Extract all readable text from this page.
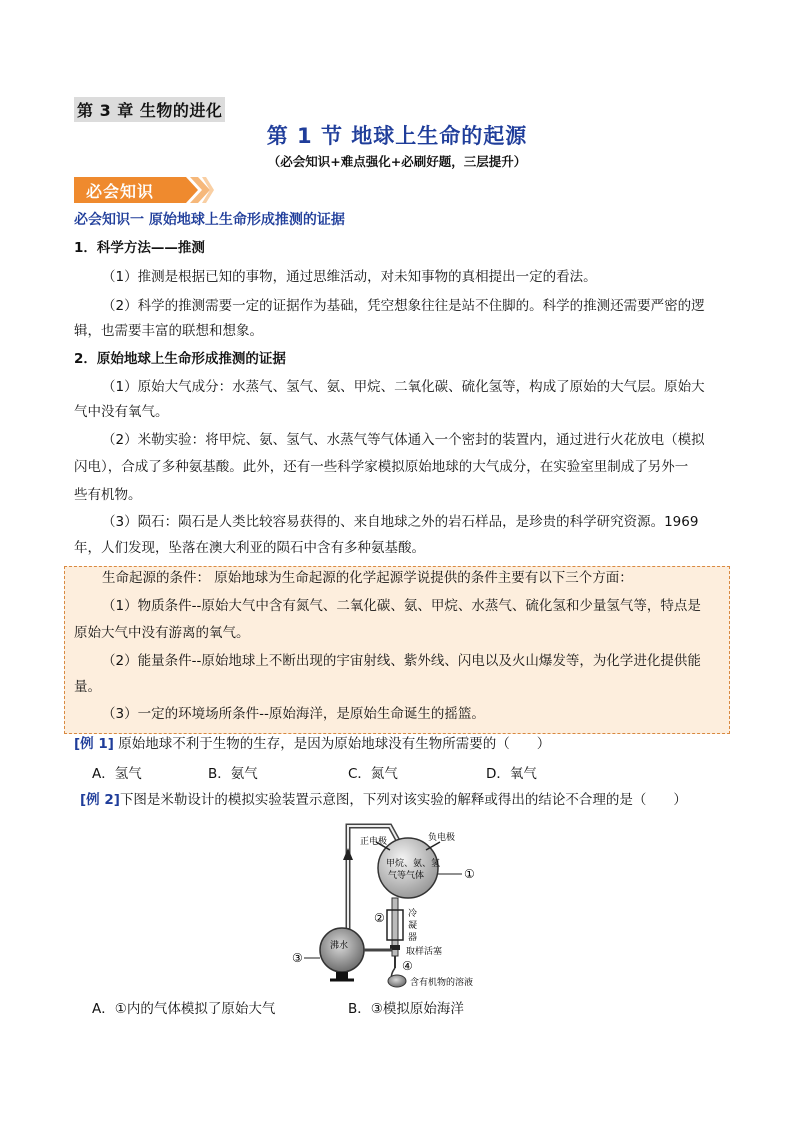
第 3 章 生物的进化
第 1 节 地球上生命的起源
（必会知识+难点强化+必刷好题，三层提升）
必会知识
必会知识一 原始地球上生命形成推测的证据
1．科学方法——推测
（1）推测是根据已知的事物，通过思维活动，对未知事物的真相提出一定的看法。
（2）科学的推测需要一定的证据作为基础，凭空想象往往是站不住脚的。科学的推测还需要严密的逻
辑，也需要丰富的联想和想象。
2．原始地球上生命形成推测的证据
（1）原始大气成分：水蒸气、氢气、氨、甲烷、二氧化碳、硫化氢等，构成了原始的大气层。原始大
气中没有氧气。
（2）米勒实验：将甲烷、氨、氢气、水蒸气等气体通入一个密封的装置内，通过进行火花放电（模拟
闪电），合成了多种氨基酸。此外，还有一些科学家模拟原始地球的大气成分，在实验室里制成了另外一
些有机物。
（3）陨石：陨石是人类比较容易获得的、来自地球之外的岩石样品，是珍贵的科学研究资源。1969
年，人们发现，坠落在澳大利亚的陨石中含有多种氨基酸。
生命起源的条件： 原始地球为生命起源的化学起源学说提供的条件主要有以下三个方面：
（1）物质条件--原始大气中含有氮气、二氧化碳、氨、甲烷、水蒸气、硫化氢和少量氢气等，特点是
原始大气中没有游离的氧气。
（2）能量条件--原始地球上不断出现的宇宙射线、紫外线、闪电以及火山爆发等，为化学进化提供能
量。
（3）一定的环境场所条件--原始海洋，是原始生命诞生的摇篮。
[例 1] 原始地球不利于生物的生存，是因为原始地球没有生物所需要的（　　）
A．氢气	B．氨气	C．氮气	D．氧气
[例 2]下图是米勒设计的模拟实验装置示意图，下列对该实验的解释或得出的结论不合理的是（　　）
正电极	负电极
甲烷、氨、氢
气等气体	①
②	冷
凝
器
取样活塞
沸水
③
④
含有机物的溶液
A．①内的气体模拟了原始大气	B．③模拟原始海洋
